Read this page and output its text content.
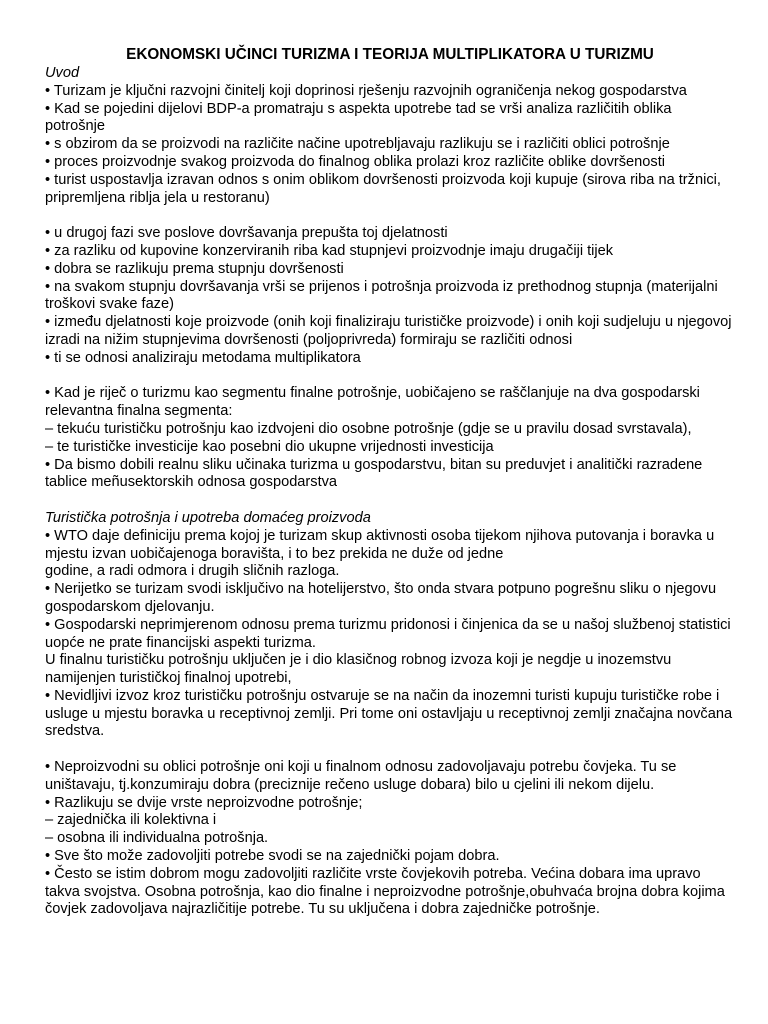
EKONOMSKI UČINCI TURIZMA I TEORIJA MULTIPLIKATORA U TURIZMU
Uvod
• Turizam je ključni razvojni činitelj koji doprinosi rješenju razvojnih ograničenja nekog gospodarstva
• Kad se pojedini dijelovi BDP-a promatraju s aspekta upotrebe tad se vrši analiza različitih oblika potrošnje
• s obzirom da se proizvodi na različite načine upotrebljavaju razlikuju se i različiti oblici potrošnje
• proces proizvodnje svakog proizvoda do finalnog oblika prolazi kroz različite oblike dovršenosti
• turist uspostavlja izravan odnos s onim oblikom dovršenosti proizvoda koji kupuje (sirova riba na tržnici, pripremljena riblja jela u restoranu)
• u drugoj fazi sve poslove dovršavanja prepušta toj djelatnosti
• za razliku od kupovine konzerviranih riba kad stupnjevi proizvodnje imaju drugačiji tijek
• dobra se razlikuju prema stupnju dovršenosti
• na svakom stupnju dovršavanja vrši se prijenos i potrošnja proizvoda iz prethodnog stupnja (materijalni troškovi svake faze)
• između djelatnosti koje proizvode (onih koji finaliziraju turističke proizvode) i onih koji sudjeluju u njegovoj izradi na nižim stupnjevima dovršenosti (poljoprivreda) formiraju se različiti odnosi
• ti se odnosi analiziraju metodama multiplikatora
• Kad je riječ o turizmu kao segmentu finalne potrošnje, uobičajeno se raščlanjuje na dva gospodarski relevantna finalna segmenta:
– tekuću turističku potrošnju kao izdvojeni dio osobne potrošnje (gdje se u pravilu dosad svrstavala),
– te turističke investicije kao posebni dio ukupne vrijednosti investicija
• Da bismo dobili realnu sliku učinaka turizma u gospodarstvu, bitan su preduvjet i analitički razradene tablice meñusektorskih odnosa gospodarstva
Turistička potrošnja i upotreba domaćeg proizvoda
• WTO daje definiciju prema kojoj je turizam skup aktivnosti osoba tijekom njihova putovanja i boravka u mjestu izvan uobičajenoga boravišta, i to bez prekida ne duže od jedne
godine, a radi odmora i drugih sličnih razloga.
• Nerijetko se turizam svodi isključivo na hotelijerstvo, što onda stvara potpuno pogrešnu sliku o njegovu gospodarskom djelovanju.
• Gospodarski neprimjerenom odnosu prema turizmu pridonosi i činjenica da se u našoj službenoj statistici uopće ne prate financijski aspekti turizma.
U finalnu turističku potrošnju uključen je i dio klasičnog robnog izvoza koji je negdje u inozemstvu namijenjen turističkoj finalnoj upotrebi,
• Nevidljivi izvoz kroz turističku potrošnju ostvaruje se na način da inozemni turisti kupuju turističke robe i usluge u mjestu boravka u receptivnoj zemlji. Pri tome oni ostavljaju u receptivnoj zemlji značajna novčana sredstva.
• Neproizvodni su oblici potrošnje oni koji u finalnom odnosu zadovoljavaju potrebu čovjeka. Tu se uništavaju, tj.konzumiraju dobra (preciznije rečeno usluge dobara) bilo u cjelini ili nekom dijelu.
• Razlikuju se dvije vrste neproizvodne potrošnje;
– zajednička ili kolektivna i
– osobna ili individualna potrošnja.
• Sve što može zadovoljiti potrebe svodi se na zajednički pojam dobra.
• Često se istim dobrom mogu zadovoljiti različite vrste čovjekovih potreba. Većina dobara ima upravo takva svojstva. Osobna potrošnja, kao dio finalne i neproizvodne potrošnje,obuhvaća brojna dobra kojima čovjek zadovoljava najrazličitije potrebe. Tu su uključena i dobra zajedničke potrošnje.
